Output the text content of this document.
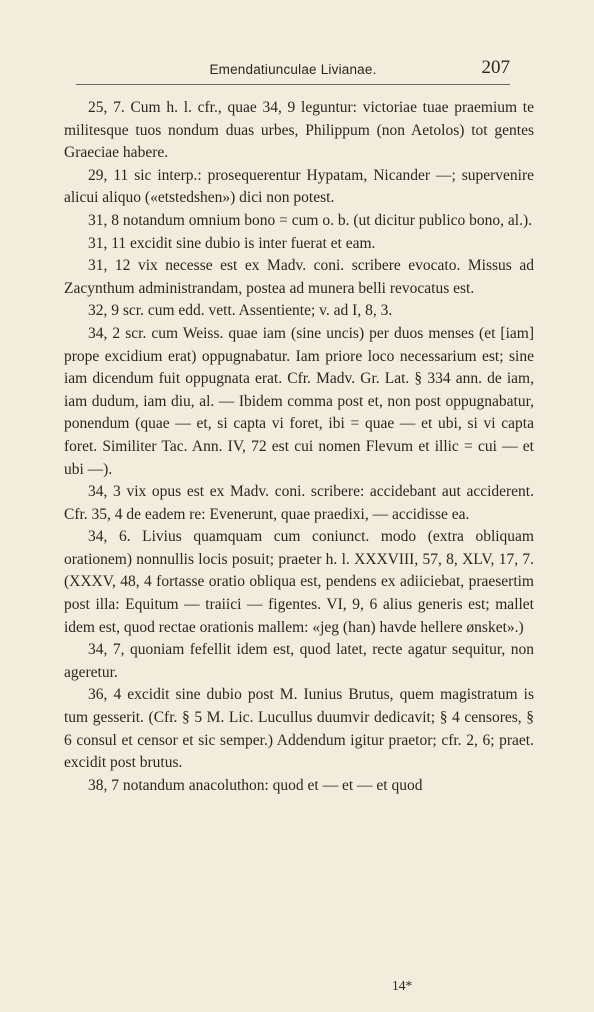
Emendatiunculae Livianae.	207

25, 7. Cum h. l. cfr., quae 34, 9 leguntur: victoriae tuae praemium te militesque tuos nondum duas urbes, Philippum (non Aetolos) tot gentes Graeciae habere.

29, 11 sic interp.: prosequerentur Hypatam, Nicander —; supervenire alicui aliquo («etstedshen») dici non potest.

31, 8 notandum omnium bono = cum o. b. (ut dicitur publico bono, al.).

31, 11 excidit sine dubio is inter fuerat et eam.

31, 12 vix necesse est ex Madv. coni. scribere evocato. Missus ad Zacynthum administrandam, postea ad munera belli revocatus est.

32, 9 scr. cum edd. vett. Assentiente; v. ad I, 8, 3.

34, 2 scr. cum Weiss. quae iam (sine uncis) per duos menses (et [iam] prope excidium erat) oppugnabatur. Iam priore loco necessarium est; sine iam dicendum fuit oppugnata erat. Cfr. Madv. Gr. Lat. § 334 ann. de iam, iam dudum, iam diu, al. — Ibidem comma post et, non post oppugnabatur, ponendum (quae — et, si capta vi foret, ibi = quae — et ubi, si vi capta foret. Similiter Tac. Ann. IV, 72 est cui nomen Flevum et illic = cui — et ubi —).

34, 3 vix opus est ex Madv. coni. scribere: accidebant aut acciderent. Cfr. 35, 4 de eadem re: Evenerunt, quae praedixi, — accidisse ea.

34, 6. Livius quamquam cum coniunct. modo (extra obliquam orationem) nonnullis locis posuit; praeter h. l. XXXVIII, 57, 8, XLV, 17, 7. (XXXV, 48, 4 fortasse oratio obliqua est, pendens ex adiiciebat, praesertim post illa: Equitum — traiici — figentes. VI, 9, 6 alius generis est; mallet idem est, quod rectae orationis mallem: «jeg (han) havde hellere ønsket».)

34, 7, quoniam fefellit idem est, quod latet, recte agatur sequitur, non ageretur.

36, 4 excidit sine dubio post M. Iunius Brutus, quem magistratum is tum gesserit. (Cfr. § 5 M. Lic. Lucullus duumvir dedicavit; § 4 censores, § 6 consul et censor et sic semper.) Addendum igitur praetor; cfr. 2, 6; praet. excidit post brutus.

38, 7 notandum anacoluthon: quod et — et — et quod

14*
